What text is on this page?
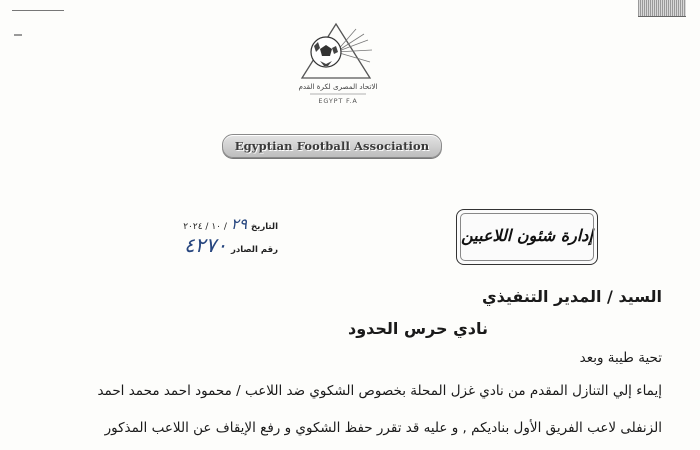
الاتحاد المصرى لكرة القدم
EGYPT F.A
Egyptian Football Association
إدارة شئون اللاعبين
التاريخ
٢٩
/ ١٠ / ٢٠٢٤
رقم الصادر
٤٢٧٠
السيد / المدير التنفيذي
نادي حرس الحدود
تحية طيبة وبعد
إيماء إلي التنازل المقدم من نادي غزل المحلة بخصوص الشكوي ضد اللاعب / محمود احمد محمد احمد
الزنفلى لاعب الفريق الأول بناديكم , و عليه قد تقرر حفظ الشكوي و رفع الإيقاف عن اللاعب المذكور
